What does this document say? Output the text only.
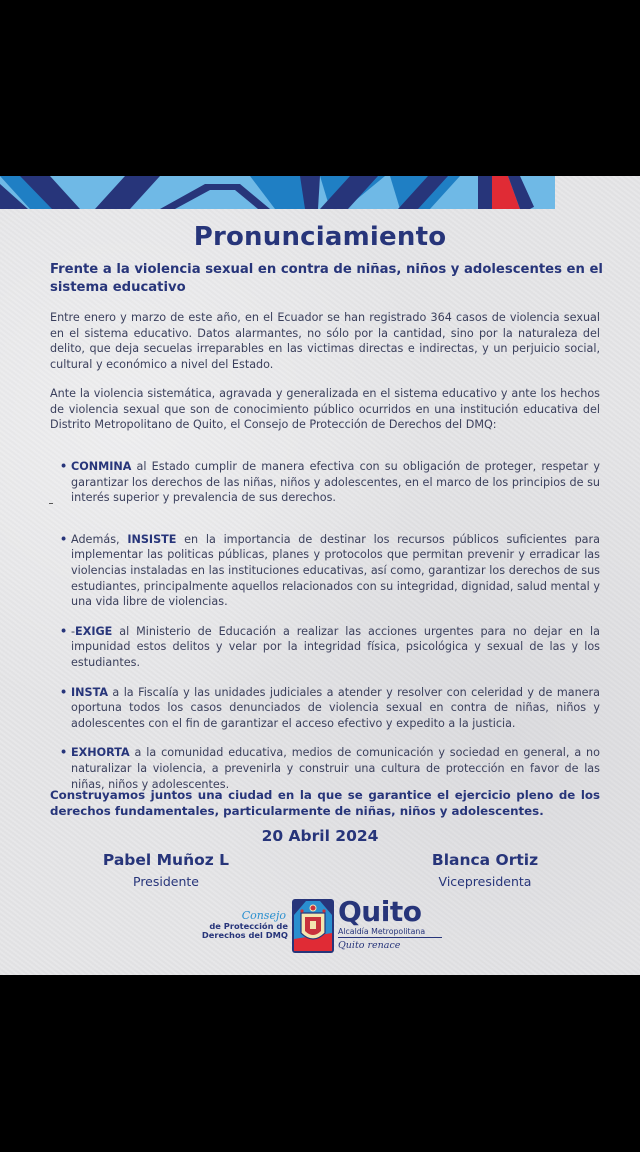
Pronunciamiento

Frente a la violencia sexual en contra de niñas, niños y adolescentes en el sistema educativo

Entre enero y marzo de este año, en el Ecuador se han registrado 364 casos de violencia sexual en el sistema educativo. Datos alarmantes, no sólo por la cantidad, sino por la naturaleza del delito, que deja secuelas irreparables en las victimas directas e indirectas, y un perjuicio social, cultural y económico a nivel del Estado.

Ante la violencia sistemática, agravada y generalizada en el sistema educativo y ante los hechos de violencia sexual que son de conocimiento público ocurridos en una institución educativa del Distrito Metropolitano de Quito, el Consejo de Protección de Derechos del DMQ:

• CONMINA al Estado cumplir de manera efectiva con su obligación de proteger, respetar y garantizar los derechos de las niñas, niños y adolescentes, en el marco de los principios de su interés superior y prevalencia de sus derechos.
• Además, INSISTE en la importancia de destinar los recursos públicos suficientes para implementar las politicas públicas, planes y protocolos que permitan prevenir y erradicar las violencias instaladas en las instituciones educativas, así como, garantizar los derechos de sus estudiantes, principalmente aquellos relacionados con su integridad, dignidad, salud mental y una vida libre de violencias.
• -EXIGE al Ministerio de Educación a realizar las acciones urgentes para no dejar en la impunidad estos delitos y velar por la integridad física, psicológica y sexual de las y los estudiantes.
• INSTA a la Fiscalía y las unidades judiciales a atender y resolver con celeridad y de manera oportuna todos los casos denunciados de violencia sexual en contra de niñas, niños y adolescentes con el fin de garantizar el acceso efectivo y expedito a la justicia.
• EXHORTA a la comunidad educativa, medios de comunicación y sociedad en general, a no naturalizar la violencia, a prevenirla y construir una cultura de protección en favor de las niñas, niños y adolescentes.

Construyamos juntos una ciudad en la que se garantice el ejercicio pleno de los derechos fundamentales, particularmente de niñas, niños y adolescentes.

20 Abril 2024

Pabel Muñoz L
Presidente
Blanca Ortiz
Vicepresidenta
Consejo
de Protección de
Derechos del DMQ
Quito
Alcaldía Metropolitana
Quito renace
